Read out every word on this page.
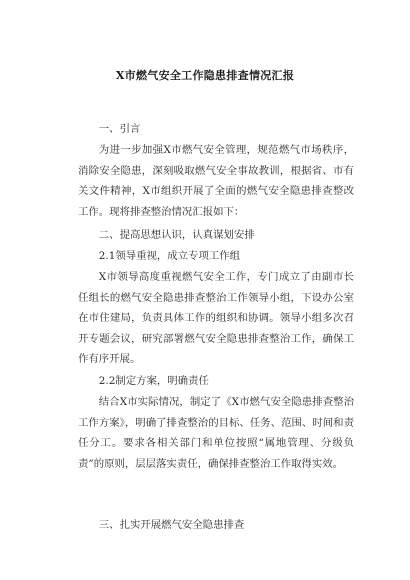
X市燃气安全工作隐患排查情况汇报
一、引言

为进一步加强X市燃气安全管理，规范燃气市场秩序，消除安全隐患，深刻吸取燃气安全事故教训，根据省、市有关文件精神，X市组织开展了全面的燃气安全隐患排查整改工作。现将排查整治情况汇报如下：

二、提高思想认识，认真谋划安排
2.1领导重视，成立专项工作组

X市领导高度重视燃气安全工作，专门成立了由副市长任组长的燃气安全隐患排查整治工作领导小组，下设办公室在市住建局，负责具体工作的组织和协调。领导小组多次召开专题会议，研究部署燃气安全隐患排查整治工作，确保工作有序开展。

2.2制定方案，明确责任

结合X市实际情况，制定了《X市燃气安全隐患排查整治工作方案》，明确了排查整治的目标、任务、范围、时间和责任分工。要求各相关部门和单位按照“属地管理、分级负责”的原则，层层落实责任，确保排查整治工作取得实效。

三、扎实开展燃气安全隐患排查
